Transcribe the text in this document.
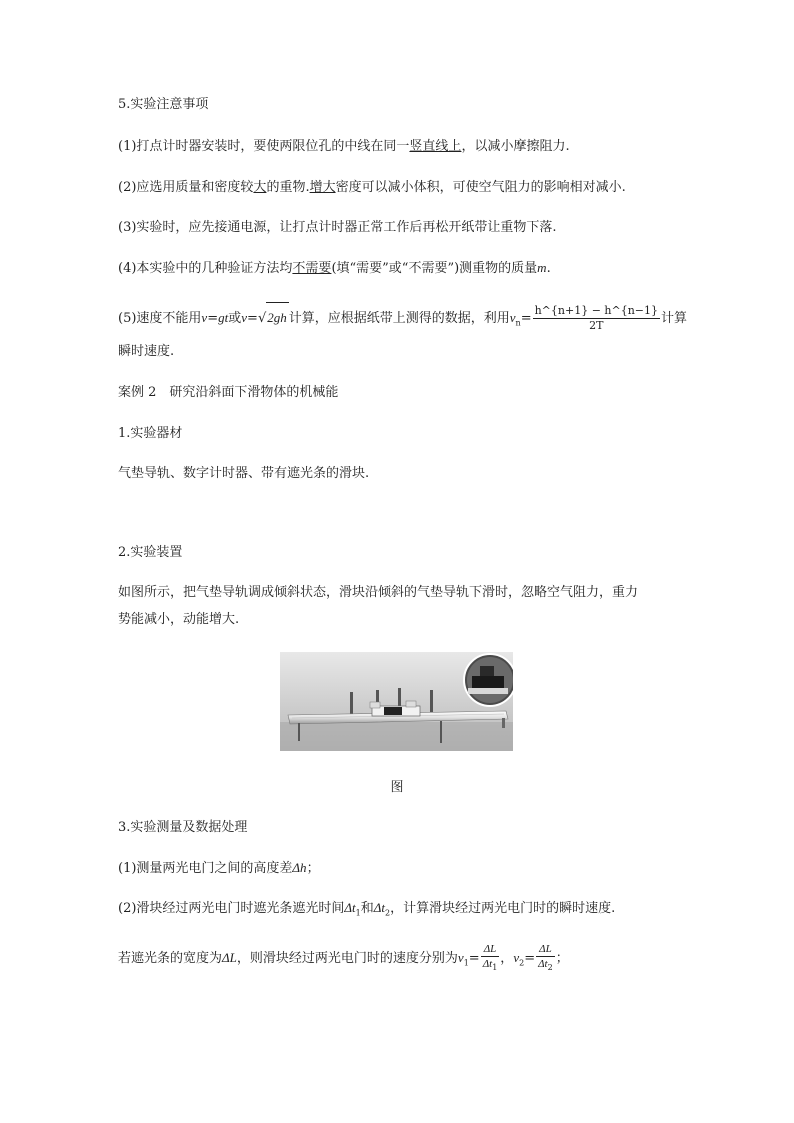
5.实验注意事项
(1)打点计时器安装时，要使两限位孔的中线在同一竖直线上，以减小摩擦阻力.
(2)应选用质量和密度较大的重物.增大密度可以减小体积，可使空气阻力的影响相对减小.
(3)实验时，应先接通电源，让打点计时器正常工作后再松开纸带让重物下落.
(4)本实验中的几种验证方法均不需要(填“需要”或“不需要”)测重物的质量m.
(5)速度不能用v=gt或v=√2gh 计算，应根据纸带上测得的数据，利用$v_n= \frac{h\^{}\{n+1\} - h\^{}\{n-1\}}{2T}$ 计算
瞬时速度.
案例 2　研究沿斜面下滑物体的机械能
1.实验器材
气垫导轨、数字计时器、带有遮光条的滑块.
2.实验装置
如图所示，把气垫导轨调成倾斜状态，滑块沿倾斜的气垫导轨下滑时，忽略空气阻力，重力
势能减小，动能增大.
图
3.实验测量及数据处理
(1)测量两光电门之间的高度差Δh；
(2)滑块经过两光电门时遮光条遮光时间$\Delta t_1$和$\Delta t_2$，计算滑块经过两光电门时的瞬时速度.
若遮光条的宽度为ΔL，则滑块经过两光电门时的速度分别为$v_1= \frac{\Delta L}{\Delta t_1}$ ，$v_2= \frac{\Delta L}{\Delta t_2}$ ；
